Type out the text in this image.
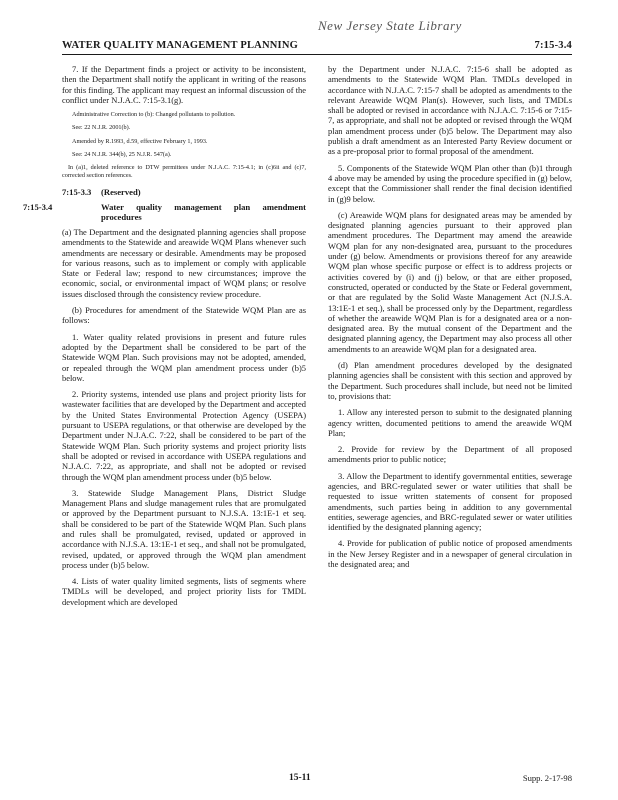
New Jersey State Library
WATER QUALITY MANAGEMENT PLANNING	7:15-3.4

7. If the Department finds a project or activity to be inconsistent, then the Department shall notify the applicant in writing of the reasons for this finding. The applicant may request an informal discussion of the conflict under N.J.A.C. 7:15-3.1(g).

Administrative Correction to (b): Changed pollutants to pollution.

See: 22 N.J.R. 2001(b).

Amended by R.1993, d.59, effective February 1, 1993.

See: 24 N.J.R. 344(b), 25 N.J.R. 547(a).

In (a)1, deleted reference to DTW permittees under N.J.A.C. 7:15-4.1; in (c)6ii and (c)7, corrected section references.

7:15-3.3 (Reserved)
7:15-3.4	Water quality management plan amendment procedures

(a) The Department and the designated planning agencies shall propose amendments to the Statewide and areawide WQM Plans whenever such amendments are necessary or desirable. Amendments may be proposed for various reasons, such as to implement or comply with applicable State or Federal law; respond to new circumstances; improve the economic, social, or environmental impact of WQM plans; or resolve issues disclosed through the consistency review procedure.

(b) Procedures for amendment of the Statewide WQM Plan are as follows:

1. Water quality related provisions in present and future rules adopted by the Department shall be considered to be part of the Statewide WQM Plan. Such provisions may not be adopted, amended, or repealed through the WQM plan amendment process under (b)5 below.

2. Priority systems, intended use plans and project priority lists for wastewater facilities that are developed by the Department and accepted by the United States Environmental Protection Agency (USEPA) pursuant to USEPA regulations, or that otherwise are developed by the Department under N.J.A.C. 7:22, shall be considered to be part of the Statewide WQM Plan. Such priority systems and project priority lists shall be adopted or revised in accordance with USEPA regulations and N.J.A.C. 7:22, as appropriate, and shall not be adopted or revised through the WQM plan amendment process under (b)5 below.

3. Statewide Sludge Management Plans, District Sludge Management Plans and sludge management rules that are promulgated or approved by the Department pursuant to N.J.S.A. 13:1E-1 et seq. shall be considered to be part of the Statewide WQM Plan. Such plans and rules shall be promulgated, revised, updated or approved in accordance with N.J.S.A. 13:1E-1 et seq., and shall not be promulgated, revised, updated, or approved through the WQM plan amendment process under (b)5 below.

4. Lists of water quality limited segments, lists of segments where TMDLs will be developed, and project priority lists for TMDL development which are developed

by the Department under N.J.A.C. 7:15-6 shall be adopted as amendments to the Statewide WQM Plan. TMDLs developed in accordance with N.J.A.C. 7:15-7 shall be adopted as amendments to the relevant Areawide WQM Plan(s). However, such lists, and TMDLs shall be adopted or revised in accordance with N.J.A.C. 7:15-6 or 7:15-7, as appropriate, and shall not be adopted or revised through the WQM plan amendment process under (b)5 below. The Department may also publish a draft amendment as an Interested Party Review document or as a pre-proposal prior to formal proposal of the amendment.

5. Components of the Statewide WQM Plan other than (b)1 through 4 above may be amended by using the procedure specified in (g) below, except that the Commissioner shall render the final decision identified in (g)9 below.

(c) Areawide WQM plans for designated areas may be amended by designated planning agencies pursuant to their approved plan amendment procedures. The Department may amend the areawide WQM plan for any non-designated area, pursuant to the procedures under (g) below. Amendments or provisions thereof for any areawide WQM plan whose specific purpose or effect is to address projects or activities covered by (i) and (j) below, or that are either proposed, constructed, operated or conducted by the State or Federal government, or that are regulated by the Solid Waste Management Act (N.J.S.A. 13:1E-1 et seq.), shall be processed only by the Department, regardless of whether the areawide WQM Plan is for a designated area or a non-designated area. By the mutual consent of the Department and the designated planning agency, the Department may also process all other amendments to an areawide WQM plan for a designated area.

(d) Plan amendment procedures developed by the designated planning agencies shall be consistent with this section and approved by the Department. Such procedures shall include, but need not be limited to, provisions that:

1. Allow any interested person to submit to the designated planning agency written, documented petitions to amend the areawide WQM Plan;

2. Provide for review by the Department of all proposed amendments prior to public notice;

3. Allow the Department to identify governmental entities, sewerage agencies, and BRC-regulated sewer or water utilities that shall be requested to issue written statements of consent for proposed amendments, such parties being in addition to any governmental entities, sewerage agencies, and BRC-regulated sewer or water utilities identified by the designated planning agency;

4. Provide for publication of public notice of proposed amendments in the New Jersey Register and in a newspaper of general circulation in the designated area; and

15-11	Supp. 2-17-98
